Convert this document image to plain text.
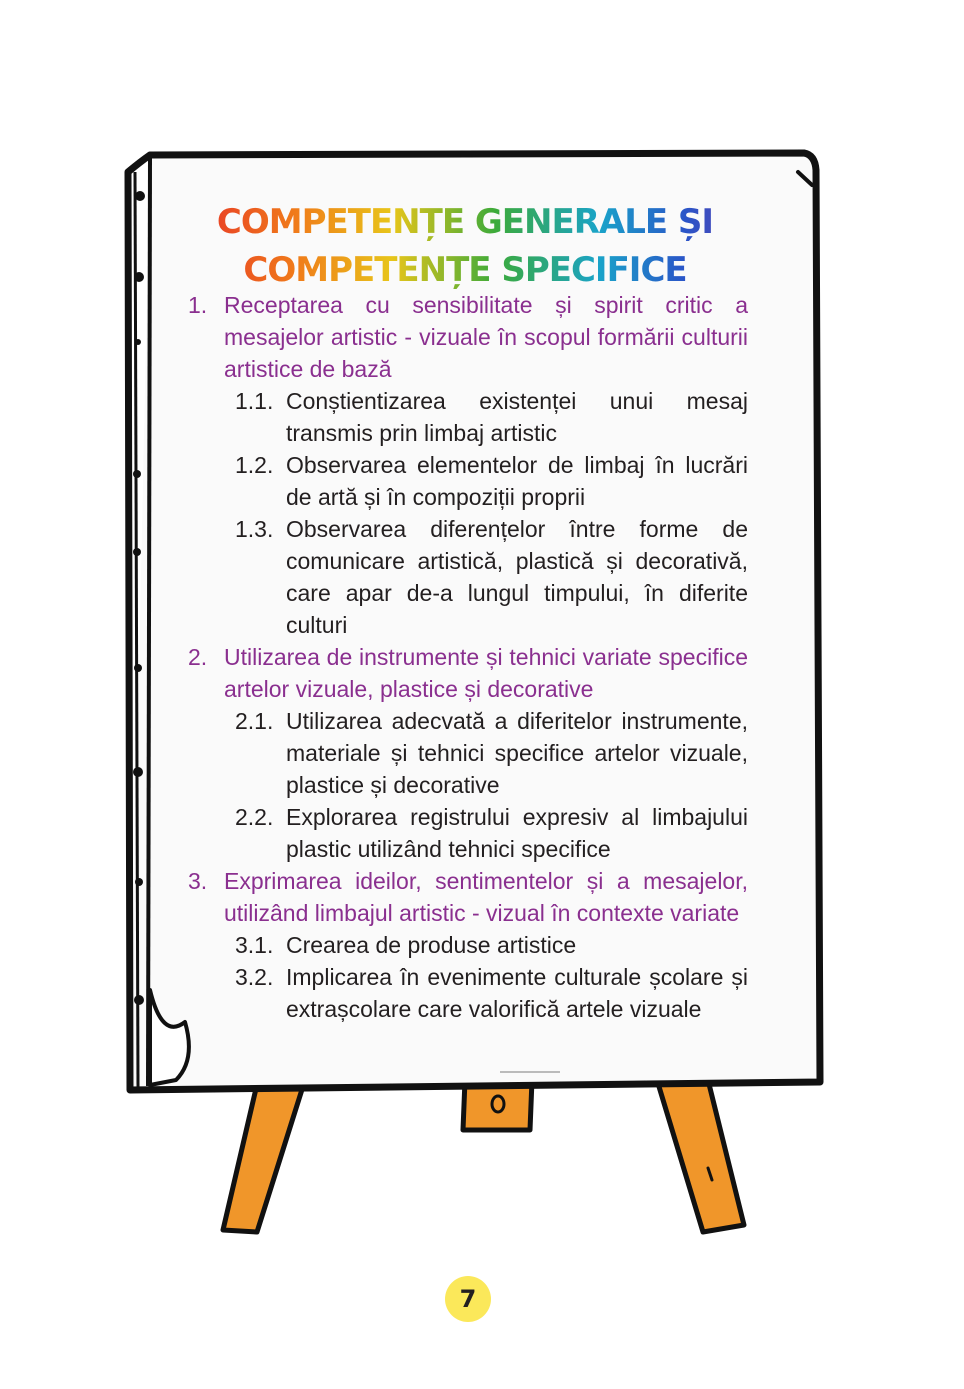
COMPETENȚE GENERALE ȘI
COMPETENȚE SPECIFICE
1. Receptarea cu sensibilitate și spirit critic a mesajelor artistic - vizuale în scopul formării culturii artistice de bază
1.1. Conștientizarea existenței unui mesaj transmis prin limbaj artistic
1.2. Observarea elementelor de limbaj în lucrări de artă și în compoziții proprii
1.3. Observarea diferențelor între forme de comunicare artistică, plastică și decorativă, care apar de-a lungul timpului, în diferite culturi
2. Utilizarea de instrumente și tehnici variate specifice artelor vizuale, plastice și decorative
2.1. Utilizarea adecvată a diferitelor instrumente, materiale și tehnici specifice artelor vizuale, plastice și decorative
2.2. Explorarea registrului expresiv al limbajului plastic utilizând tehnici specifice
3. Exprimarea ideilor, sentimentelor și a mesajelor, utilizând limbajul artistic - vizual în contexte variate
3.1. Crearea de produse artistice
3.2. Implicarea în evenimente culturale școlare și extrașcolare care valorifică artele vizuale
7
